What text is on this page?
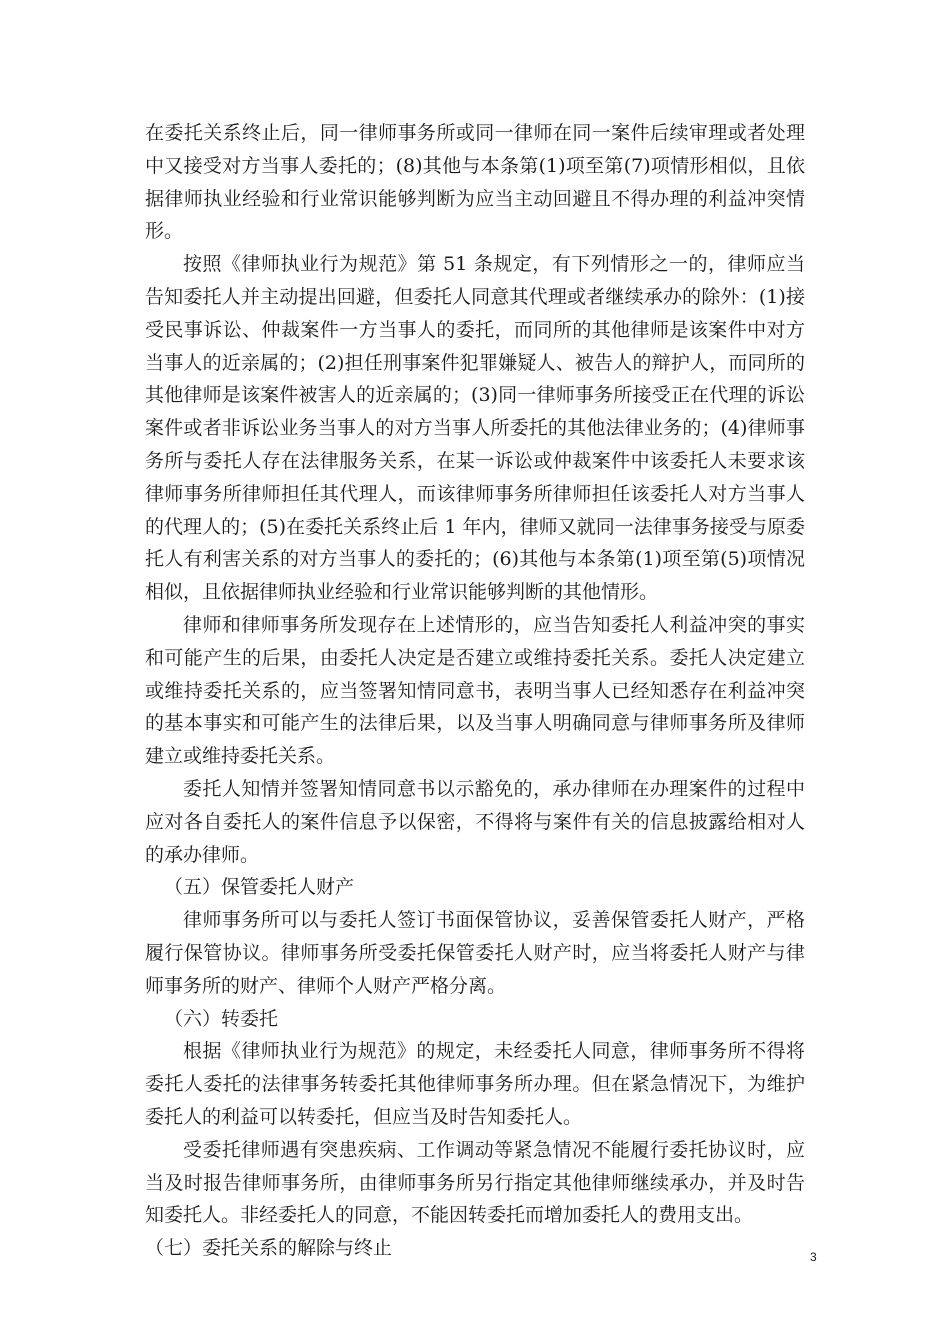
在委托关系终止后，同一律师事务所或同一律师在同一案件后续审理或者处理中又接受对方当事人委托的；(8)其他与本条第(1)项至第(7)项情形相似，且依据律师执业经验和行业常识能够判断为应当主动回避且不得办理的利益冲突情形。

按照《律师执业行为规范》第 51 条规定，有下列情形之一的，律师应当告知委托人并主动提出回避，但委托人同意其代理或者继续承办的除外：(1)接受民事诉讼、仲裁案件一方当事人的委托，而同所的其他律师是该案件中对方当事人的近亲属的；(2)担任刑事案件犯罪嫌疑人、被告人的辩护人，而同所的其他律师是该案件被害人的近亲属的；(3)同一律师事务所接受正在代理的诉讼案件或者非诉讼业务当事人的对方当事人所委托的其他法律业务的；(4)律师事务所与委托人存在法律服务关系，在某一诉讼或仲裁案件中该委托人未要求该律师事务所律师担任其代理人，而该律师事务所律师担任该委托人对方当事人的代理人的；(5)在委托关系终止后 1 年内，律师又就同一法律事务接受与原委托人有利害关系的对方当事人的委托的；(6)其他与本条第(1)项至第(5)项情况相似，且依据律师执业经验和行业常识能够判断的其他情形。

律师和律师事务所发现存在上述情形的，应当告知委托人利益冲突的事实和可能产生的后果，由委托人决定是否建立或维持委托关系。委托人决定建立或维持委托关系的，应当签署知情同意书，表明当事人已经知悉存在利益冲突的基本事实和可能产生的法律后果，以及当事人明确同意与律师事务所及律师建立或维持委托关系。

委托人知情并签署知情同意书以示豁免的，承办律师在办理案件的过程中应对各自委托人的案件信息予以保密，不得将与案件有关的信息披露给相对人的承办律师。

（五）保管委托人财产

律师事务所可以与委托人签订书面保管协议，妥善保管委托人财产，严格履行保管协议。律师事务所受委托保管委托人财产时，应当将委托人财产与律师事务所的财产、律师个人财产严格分离。

（六）转委托

根据《律师执业行为规范》的规定，未经委托人同意，律师事务所不得将委托人委托的法律事务转委托其他律师事务所办理。但在紧急情况下，为维护委托人的利益可以转委托，但应当及时告知委托人。

受委托律师遇有突患疾病、工作调动等紧急情况不能履行委托协议时，应当及时报告律师事务所，由律师事务所另行指定其他律师继续承办，并及时告知委托人。非经委托人的同意，不能因转委托而增加委托人的费用支出。

（七）委托关系的解除与终止	3
